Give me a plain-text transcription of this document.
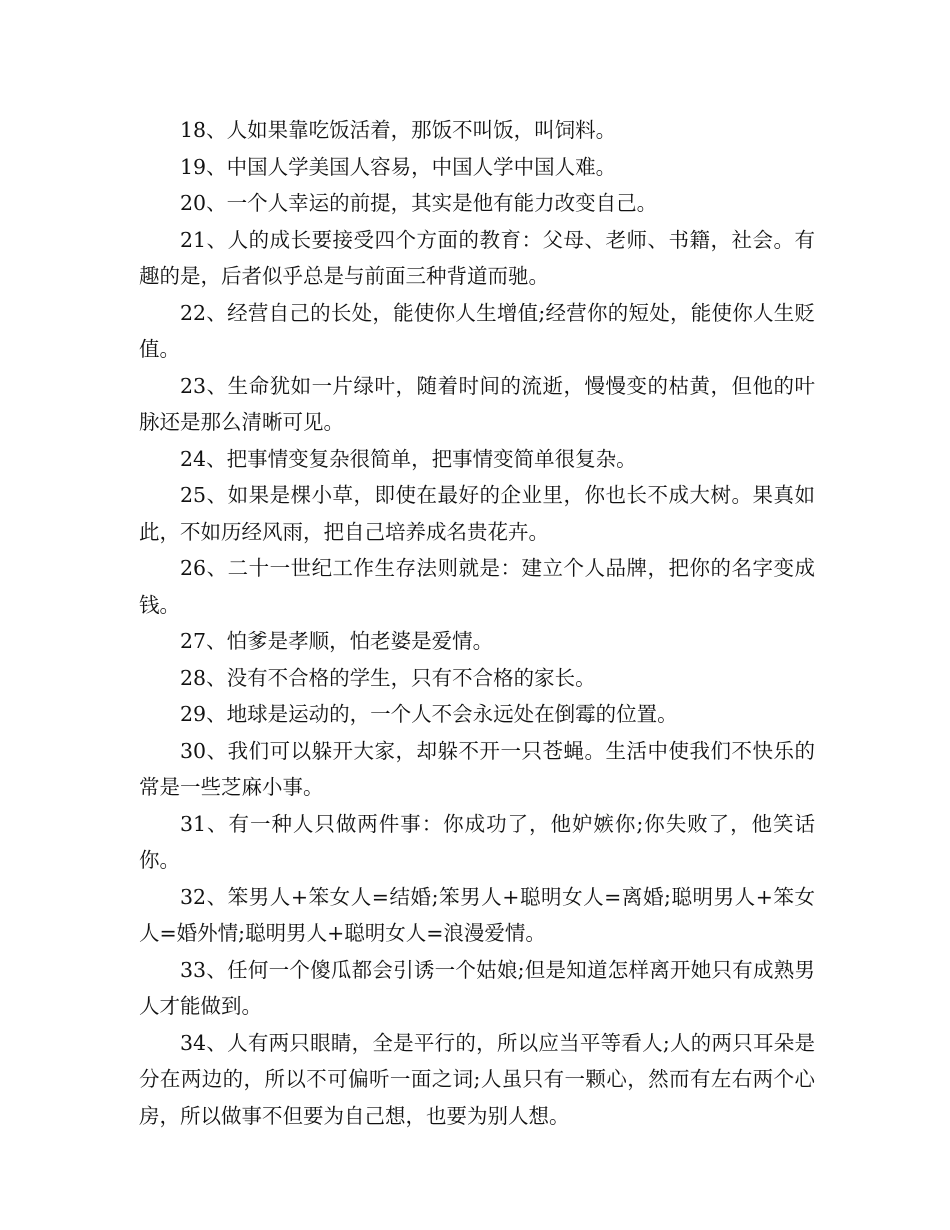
18、人如果靠吃饭活着，那饭不叫饭，叫饲料。

19、中国人学美国人容易，中国人学中国人难。

20、一个人幸运的前提，其实是他有能力改变自己。

21、人的成长要接受四个方面的教育：父母、老师、书籍，社会。有趣的是，后者似乎总是与前面三种背道而驰。

22、经营自己的长处，能使你人生增值;经营你的短处，能使你人生贬值。

23、生命犹如一片绿叶，随着时间的流逝，慢慢变的枯黄，但他的叶脉还是那么清晰可见。

24、把事情变复杂很简单，把事情变简单很复杂。

25、如果是棵小草，即使在最好的企业里，你也长不成大树。果真如此，不如历经风雨，把自己培养成名贵花卉。

26、二十一世纪工作生存法则就是：建立个人品牌，把你的名字变成钱。

27、怕爹是孝顺，怕老婆是爱情。

28、没有不合格的学生，只有不合格的家长。

29、地球是运动的，一个人不会永远处在倒霉的位置。

30、我们可以躲开大家，却躲不开一只苍蝇。生活中使我们不快乐的常是一些芝麻小事。

31、有一种人只做两件事：你成功了，他妒嫉你;你失败了，他笑话你。

32、笨男人+笨女人=结婚;笨男人+聪明女人=离婚;聪明男人+笨女人=婚外情;聪明男人+聪明女人=浪漫爱情。

33、任何一个傻瓜都会引诱一个姑娘;但是知道怎样离开她只有成熟男人才能做到。

34、人有两只眼睛，全是平行的，所以应当平等看人;人的两只耳朵是分在两边的，所以不可偏听一面之词;人虽只有一颗心，然而有左右两个心房，所以做事不但要为自己想，也要为别人想。
